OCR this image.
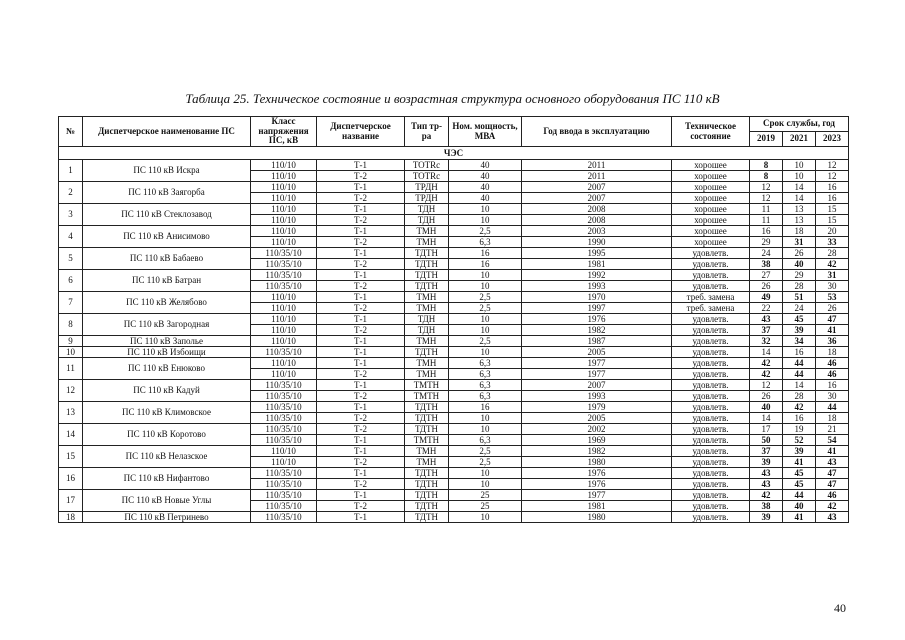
Таблица 25. Техническое состояние и возрастная структура основного оборудования ПС 110 кВ
№	Диспетчерское наименование ПС	Класс напряжения ПС, кВ	Диспетчерское название	Тип тр-ра	Ном. мощность, МВА	Год ввода в эксплуатацию	Техническое состояние	Срок службы, год		
								2019	2021	2023
ЧЭС										
1	ПС 110 кВ Искра	110/10	Т-1	TOTRc	40	2011	хорошее	8	10	12
		110/10	Т-2	TOTRc	40	2011	хорошее	8	10	12
2	ПС 110 кВ Заягорба	110/10	Т-1	ТРДН	40	2007	хорошее	12	14	16
		110/10	Т-2	ТРДН	40	2007	хорошее	12	14	16
3	ПС 110 кВ Стеклозавод	110/10	Т-1	ТДН	10	2008	хорошее	11	13	15
		110/10	Т-2	ТДН	10	2008	хорошее	11	13	15
4	ПС 110 кВ Анисимово	110/10	Т-1	ТМН	2,5	2003	хорошее	16	18	20
		110/10	Т-2	ТМН	6,3	1990	хорошее	29	31	33
5	ПС 110 кВ Бабаево	110/35/10	Т-1	ТДТН	16	1995	удовлетв.	24	26	28
		110/35/10	Т-2	ТДТН	16	1981	удовлетв.	38	40	42
6	ПС 110 кВ Батран	110/35/10	Т-1	ТДТН	10	1992	удовлетв.	27	29	31
		110/35/10	Т-2	ТДТН	10	1993	удовлетв.	26	28	30
7	ПС 110 кВ Желябово	110/10	Т-1	ТМН	2,5	1970	треб. замена	49	51	53
		110/10	Т-2	ТМН	2,5	1997	треб. замена	22	24	26
8	ПС 110 кВ Загородная	110/10	Т-1	ТДН	10	1976	удовлетв.	43	45	47
		110/10	Т-2	ТДН	10	1982	удовлетв.	37	39	41
9	ПС 110 кВ Заполье	110/10	Т-1	ТМН	2,5	1987	удовлетв.	32	34	36
10	ПС 110 кВ Избоищи	110/35/10	Т-1	ТДТН	10	2005	удовлетв.	14	16	18
11	ПС 110 кВ Енюково	110/10	Т-1	ТМН	6,3	1977	удовлетв.	42	44	46
		110/10	Т-2	ТМН	6,3	1977	удовлетв.	42	44	46
12	ПС 110 кВ Кадуй	110/35/10	Т-1	ТМТН	6,3	2007	удовлетв.	12	14	16
		110/35/10	Т-2	ТМТН	6,3	1993	удовлетв.	26	28	30
13	ПС 110 кВ Климовское	110/35/10	Т-1	ТДТН	16	1979	удовлетв.	40	42	44
		110/35/10	Т-2	ТДТН	10	2005	удовлетв.	14	16	18
14	ПС 110 кВ Коротово	110/35/10	Т-2	ТДТН	10	2002	удовлетв.	17	19	21
		110/35/10	Т-1	ТМТН	6,3	1969	удовлетв.	50	52	54
15	ПС 110 кВ Нелазское	110/10	Т-1	ТМН	2,5	1982	удовлетв.	37	39	41
		110/10	Т-2	ТМН	2,5	1980	удовлетв.	39	41	43
16	ПС 110 кВ Нифантово	110/35/10	Т-1	ТДТН	10	1976	удовлетв.	43	45	47
		110/35/10	Т-2	ТДТН	10	1976	удовлетв.	43	45	47
17	ПС 110 кВ Новые Углы	110/35/10	Т-1	ТДТН	25	1977	удовлетв.	42	44	46
		110/35/10	Т-2	ТДТН	25	1981	удовлетв.	38	40	42
18	ПС 110 кВ Петринево	110/35/10	Т-1	ТДТН	10	1980	удовлетв.	39	41	43
40
